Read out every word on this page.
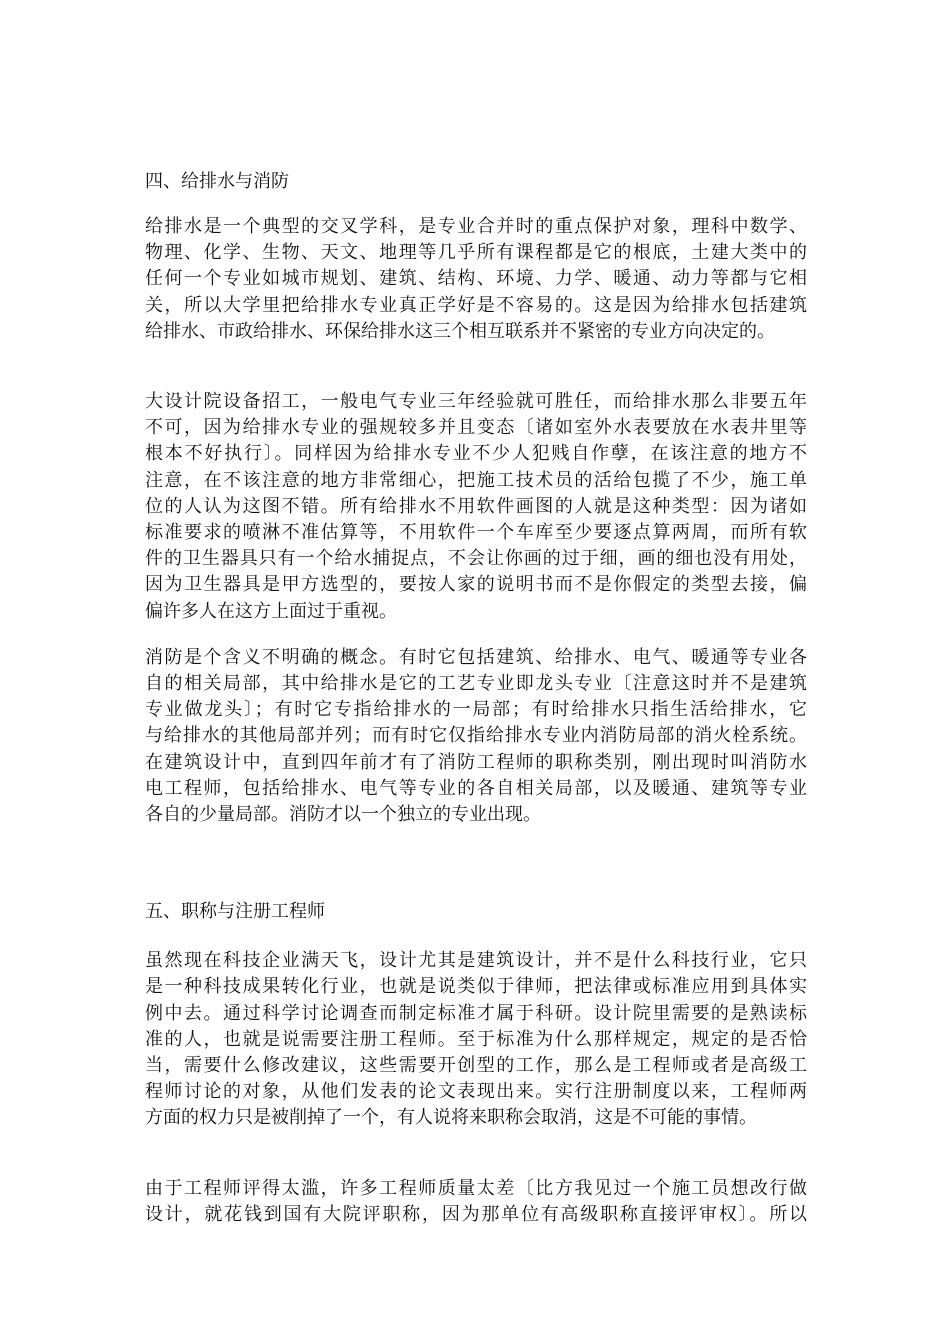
四、给排水与消防
给排水是一个典型的交叉学科，是专业合并时的重点保护对象，理科中数学、
物理、化学、生物、天文、地理等几乎所有课程都是它的根底，土建大类中的
任何一个专业如城市规划、建筑、结构、环境、力学、暖通、动力等都与它相
关，所以大学里把给排水专业真正学好是不容易的。这是因为给排水包括建筑
给排水、市政给排水、环保给排水这三个相互联系并不紧密的专业方向决定的。
大设计院设备招工，一般电气专业三年经验就可胜任，而给排水那么非要五年
不可，因为给排水专业的强规较多并且变态〔诸如室外水表要放在水表井里等
根本不好执行〕。同样因为给排水专业不少人犯贱自作孽，在该注意的地方不
注意，在不该注意的地方非常细心，把施工技术员的活给包揽了不少，施工单
位的人认为这图不错。所有给排水不用软件画图的人就是这种类型：因为诸如
标准要求的喷淋不准估算等，不用软件一个车库至少要逐点算两周，而所有软
件的卫生器具只有一个给水捕捉点，不会让你画的过于细，画的细也没有用处，
因为卫生器具是甲方选型的，要按人家的说明书而不是你假定的类型去接，偏
偏许多人在这方上面过于重视。
消防是个含义不明确的概念。有时它包括建筑、给排水、电气、暖通等专业各
自的相关局部，其中给排水是它的工艺专业即龙头专业〔注意这时并不是建筑
专业做龙头〕；有时它专指给排水的一局部；有时给排水只指生活给排水，它
与给排水的其他局部并列；而有时它仅指给排水专业内消防局部的消火栓系统。
在建筑设计中，直到四年前才有了消防工程师的职称类别，刚出现时叫消防水
电工程师，包括给排水、电气等专业的各自相关局部，以及暖通、建筑等专业
各自的少量局部。消防才以一个独立的专业出现。
五、职称与注册工程师
虽然现在科技企业满天飞，设计尤其是建筑设计，并不是什么科技行业，它只
是一种科技成果转化行业，也就是说类似于律师，把法律或标准应用到具体实
例中去。通过科学讨论调查而制定标准才属于科研。设计院里需要的是熟读标
准的人，也就是说需要注册工程师。至于标准为什么那样规定，规定的是否恰
当，需要什么修改建议，这些需要开创型的工作，那么是工程师或者是高级工
程师讨论的对象，从他们发表的论文表现出来。实行注册制度以来，工程师两
方面的权力只是被削掉了一个，有人说将来职称会取消，这是不可能的事情。
由于工程师评得太滥，许多工程师质量太差〔比方我见过一个施工员想改行做
设计，就花钱到国有大院评职称，因为那单位有高级职称直接评审权〕。所以
